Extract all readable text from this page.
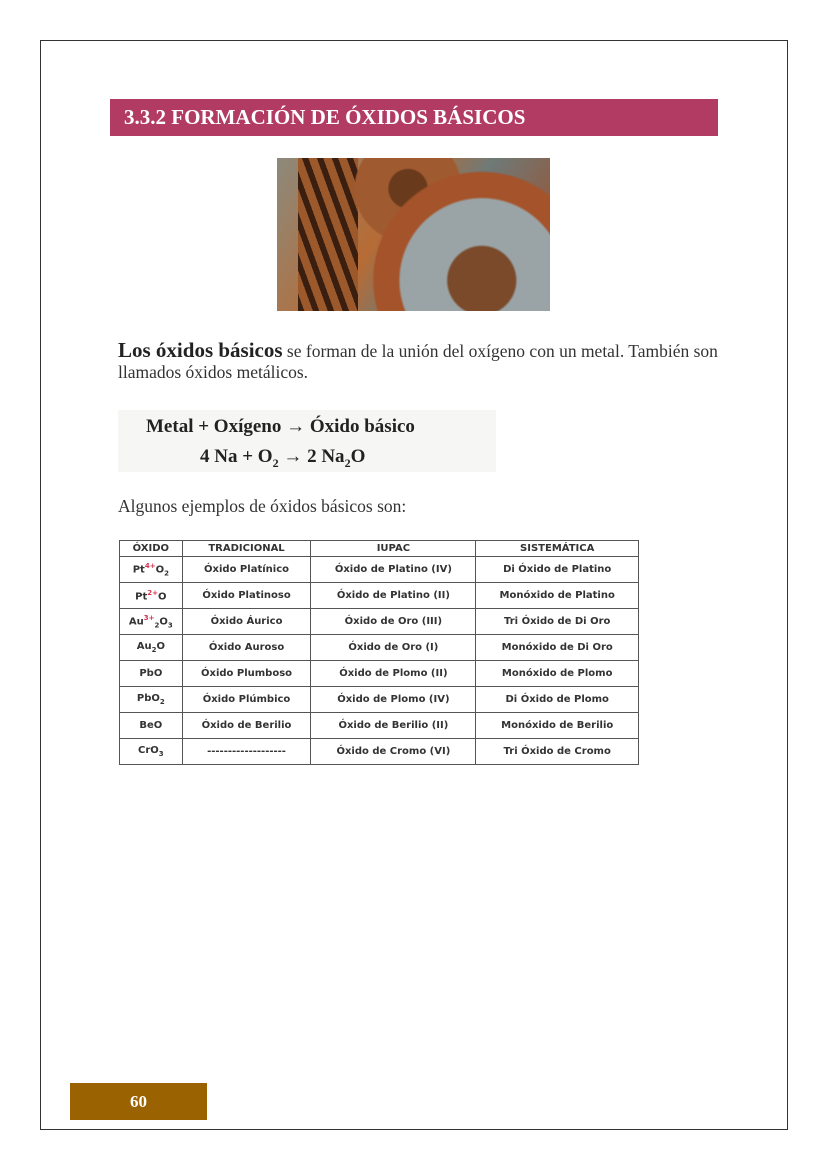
3.3.2 FORMACIÓN DE ÓXIDOS BÁSICOS
Los óxidos básicos se forman de la unión del oxígeno con un metal. También son llamados óxidos metálicos.
Metal + Oxígeno → Óxido básico
4 $Na + O_2 \to 2$ $Na_2O$
Algunos ejemplos de óxidos básicos son:
ÓXIDO	TRADICIONAL	IUPAC	SISTEMÁTICA
$Pt^{4+}O_2$	Óxido Platínico	Óxido de Platino (IV)	Di Óxido de Platino
$Pt^{2+}O$	Óxido Platinoso	Óxido de Platino (II)	Monóxido de Platino
$Au^{3+}_2O_3$	Óxido Áurico	Óxido de Oro (III)	Tri Óxido de Di Oro
$Au_2O$	Óxido Auroso	Óxido de Oro (I)	Monóxido de Di Oro
PbO	Óxido Plumboso	Óxido de Plomo (II)	Monóxido de Plomo
PbO$_2$	Óxido Plúmbico	Óxido de Plomo (IV)	Di Óxido de Plomo
BeO	Óxido de Berilio	Óxido de Berilio (II)	Monóxido de Berilio
CrO$_3$	-------------------	Óxido de Cromo (VI)	Tri Óxido de Cromo
60
